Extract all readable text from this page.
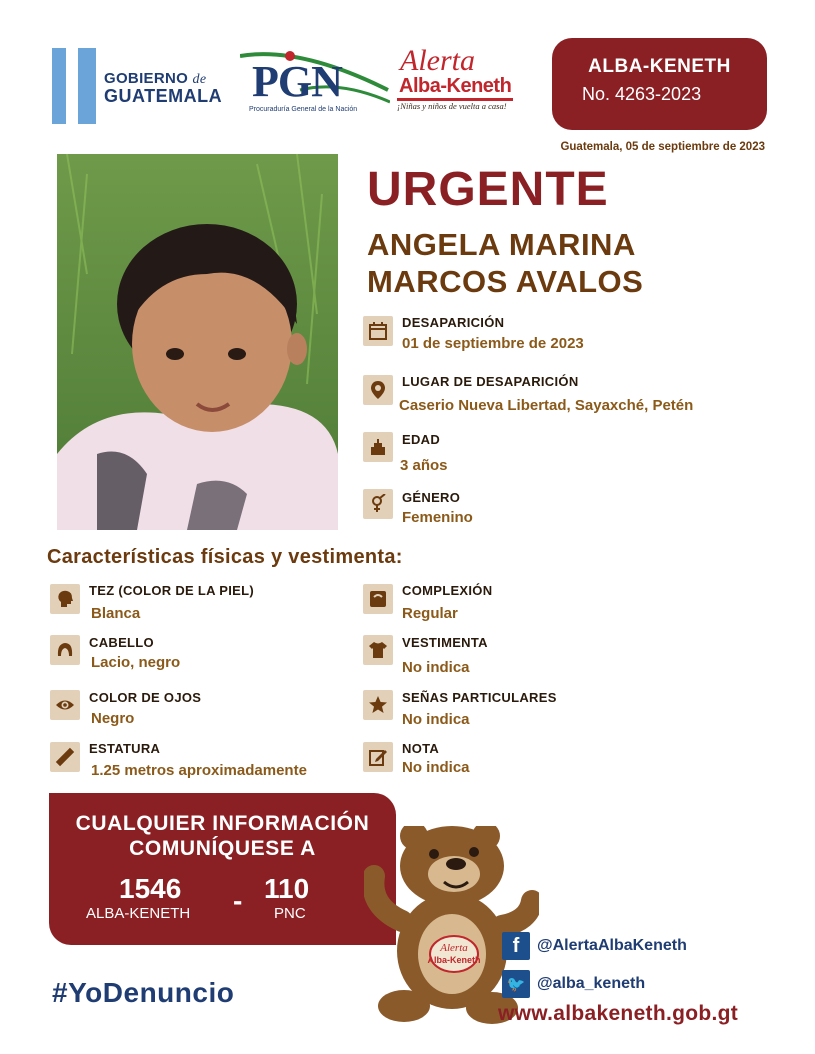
GOBIERNO de
GUATEMALA PGN
Procuraduría General de la Nación
Alerta
Alba-Keneth
¡Niñas y niños de vuelta a casa!
ALBA-KENETH
No. 4263-2023
Guatemala, 05 de septiembre de 2023
URGENTE
ANGELA MARINA
MARCOS AVALOS
DESAPARICIÓN
01 de septiembre de 2023
LUGAR DE DESAPARICIÓN
Caserio Nueva Libertad, Sayaxché, Petén
EDAD
3 años
GÉNERO
Femenino
Características físicas y vestimenta:
TEZ (COLOR DE LA PIEL)
Blanca
CABELLO
Lacio, negro
COLOR DE OJOS
Negro
ESTATURA
1.25 metros aproximadamente
COMPLEXIÓN
Regular
VESTIMENTA
No indica
SEÑAS PARTICULARES
No indica
NOTA
No indica
CUALQUIER INFORMACIÓN
COMUNÍQUESE A
1546
ALBA-KENETH - 110
PNC
#YoDenuncio
Alerta
Alba-Keneth
f	@AlertaAlbaKeneth
🐦 @alba_keneth
www.albakeneth.gob.gt
